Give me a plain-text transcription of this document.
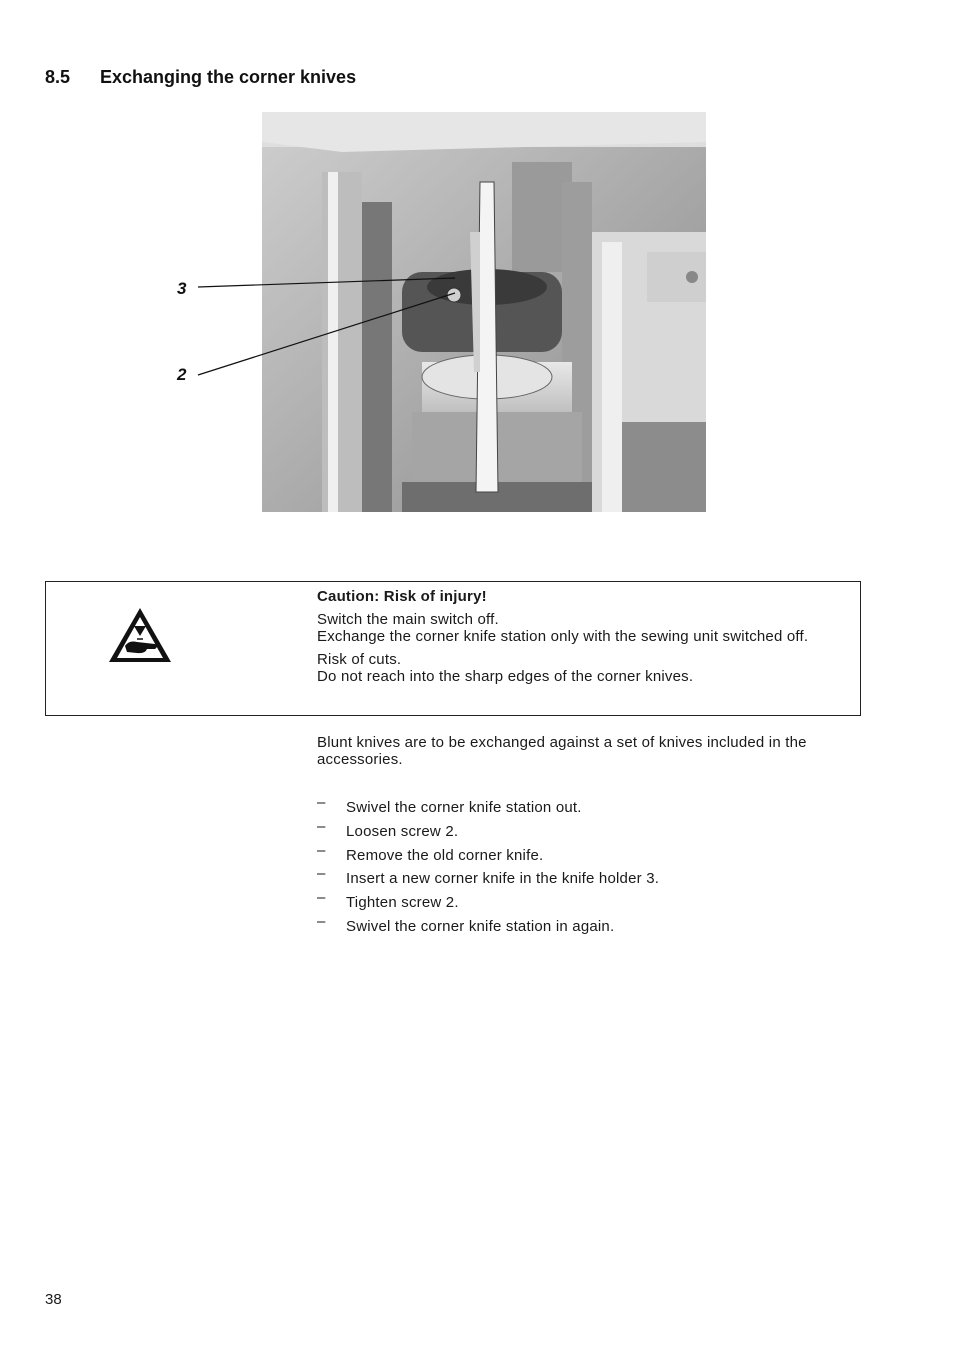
8.5 Exchanging the corner knives
3
2
Caution: Risk of injury!

Switch the main switch off.
Exchange the corner knife station only with the sewing unit switched off.

Risk of cuts.
Do not reach into the sharp edges of the corner knives.

Blunt knives are to be exchanged against a set of knives included in the accessories.
– Swivel the corner knife station out.
– Loosen screw 2.
– Remove the old corner knife.
– Insert a new corner knife in the knife holder 3.
– Tighten screw 2.
– Swivel the corner knife station in again.
38
